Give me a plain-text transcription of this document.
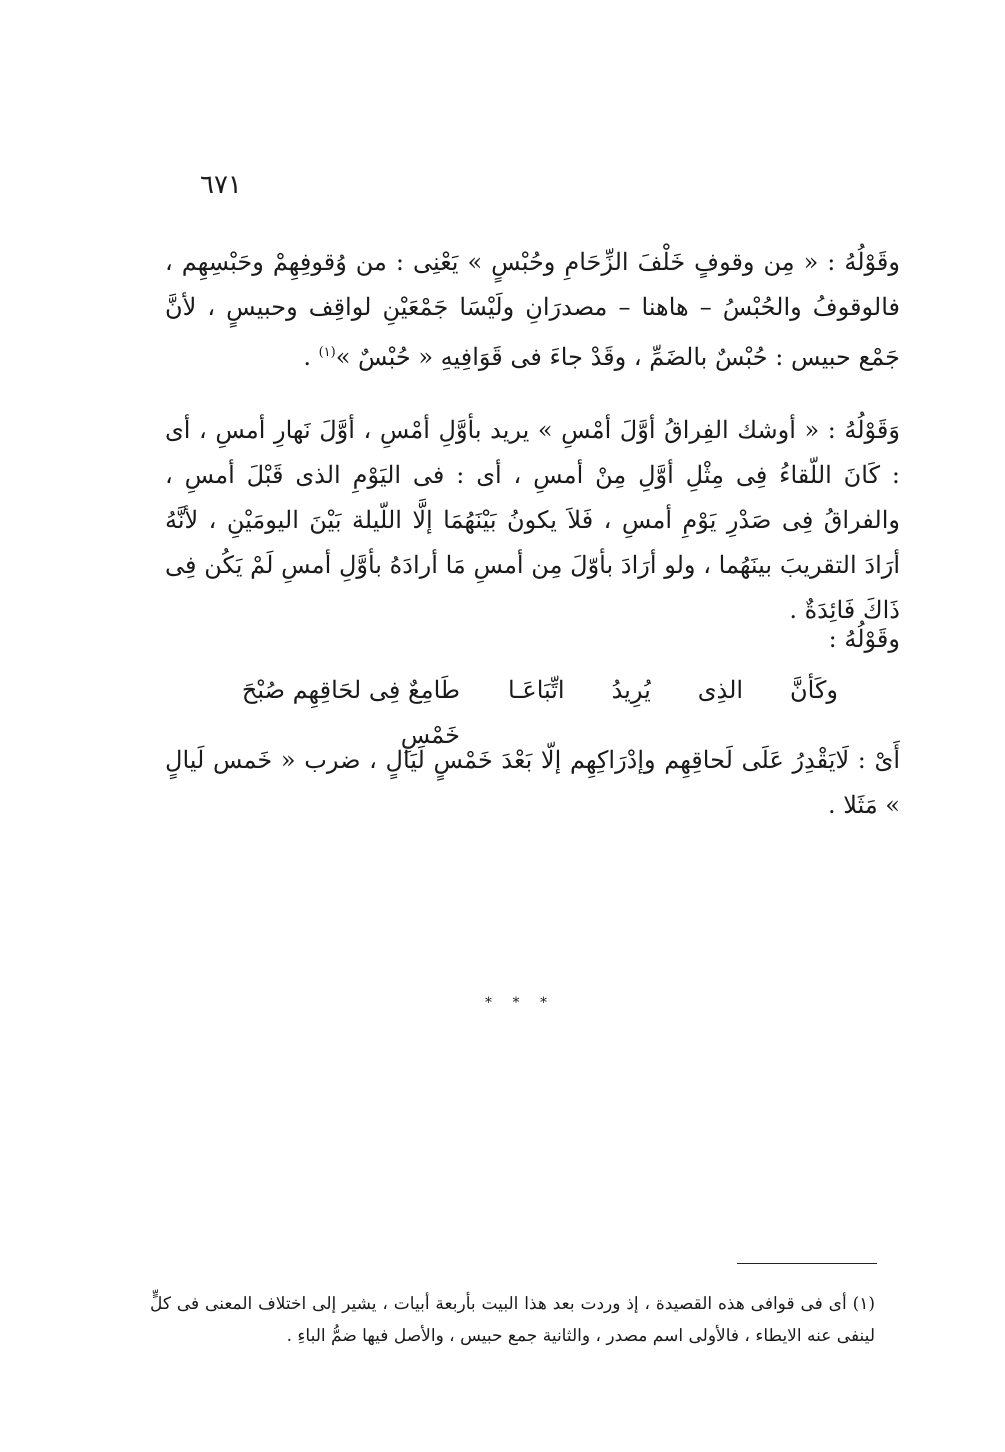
٦٧١
وقَوْلُهُ : « مِن وقوفٍ خَلْفَ الزِّحَامِ وحُبْسٍ » يَعْنِى : من وُقوفِهِمْ وحَبْسِهِم ، فالوقوفُ والحُبْسُ – هاهنا – مصدرَانِ ولَيْسَا جَمْعَيْنِ لواقِف وحبيسٍ ، لأنَّ جَمْع حبيس : حُبْسٌ بالضَمِّ ، وقَدْ جاءَ فى قَوَافِيهِ « حُبْسٌ »$^{(١)}$ .
وَقَوْلُهُ : « أوشك الفِراقُ أوَّلَ أمْسِ » يريد بأوَّلِ أمْسِ ، أوَّلَ نَهارِ أمسِ ، أى : كَانَ اللّقاءُ فِى مِثْلِ أوَّلِ مِنْ أمسِ ، أى : فى اليَوْمِ الذى قَبْلَ أمسِ ، والفراقُ فِى صَدْرِ يَوْمِ أمسِ ، فَلاَ يكونُ بَيْنَهُمَا إلَّا اللّيلة بَيْنَ اليومَيْنِ ، لأنَّهُ أرَادَ التقريبَ بينَهُما ، ولو أرَادَ بأوّلَ مِن أمسِ مَا أرادَهُ بأوَّلِ أمسِ لَمْ يَكُن فِى ذَاكَ فَائِدَةٌ .
وقَوْلُهُ :
وكَأنَّ
الذِى
يُرِيدُ
اتِّبَاعَـا
طَامِعٌ فِى لحَاقِهِم صُبْحَ خَمْسِ
أَىْ : لَايَقْدِرُ عَلَى لَحاقِهِم وإدْرَاكِهِم إلّا بَعْدَ خَمْسٍ لَيَالٍ ، ضرب « خَمس لَيالٍ » مَثَلا .
* * *
(١) أى فى قوافى هذه القصيدة ، إذ وردت بعد هذا البيت بأربعة أبيات ، يشير إلى اختلاف المعنى فى كلٍّ لينفى عنه الايطاء ، فالأولى اسم مصدر ، والثانية جمع حبيس ، والأصل فيها ضمُّ الباءِ .
